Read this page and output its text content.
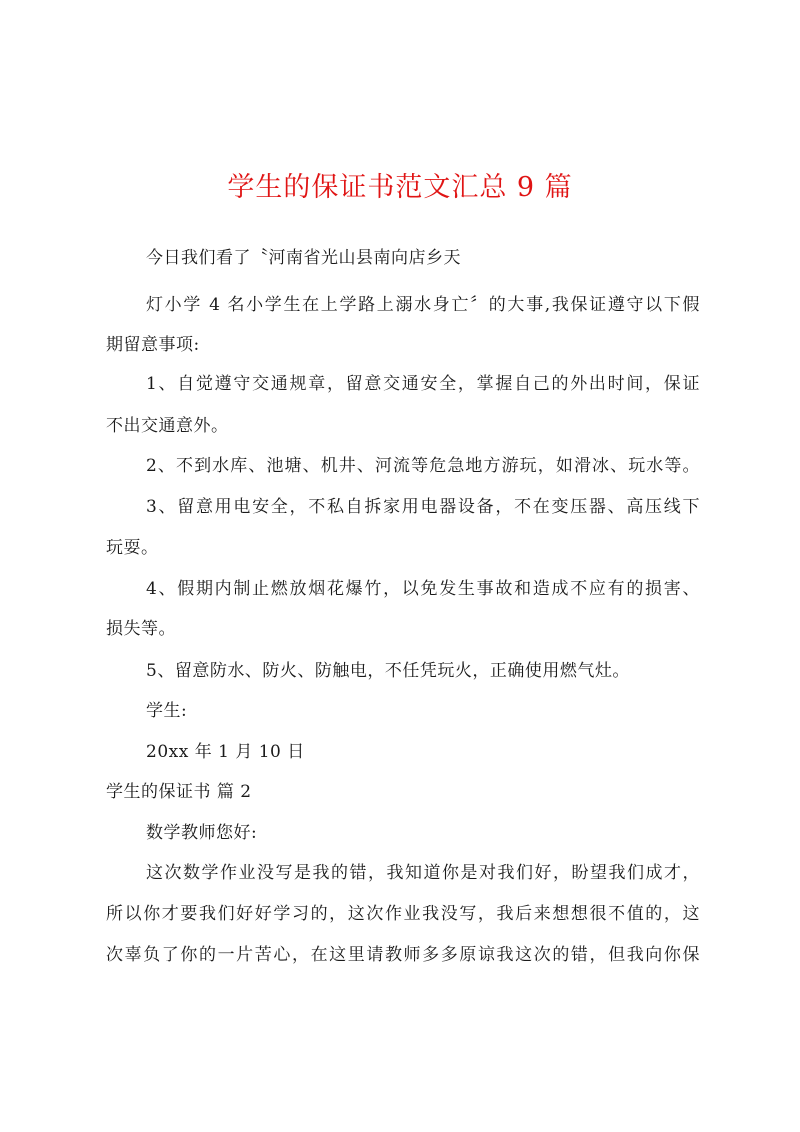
学生的保证书范文汇总 9 篇
今日我们看了〝河南省光山县南向店乡天
灯小学 4 名小学生在上学路上溺水身亡〞的大事,我保证遵守以下假
期留意事项:
1、自觉遵守交通规章，留意交通安全，掌握自己的外出时间，保证
不出交通意外。
2、不到水库、池塘、机井、河流等危急地方游玩，如滑冰、玩水等。
3、留意用电安全，不私自拆家用电器设备，不在变压器、高压线下
玩耍。
4、假期内制止燃放烟花爆竹，以免发生事故和造成不应有的损害、
损失等。
5、留意防水、防火、防触电，不任凭玩火，正确使用燃气灶。
学生:
20xx 年 1 月 10 日
学生的保证书 篇 2
数学教师您好:
这次数学作业没写是我的错，我知道你是对我们好，盼望我们成才，
所以你才要我们好好学习的，这次作业我没写，我后来想想很不值的，这
次辜负了你的一片苦心，在这里请教师多多原谅我这次的错，但我向你保
